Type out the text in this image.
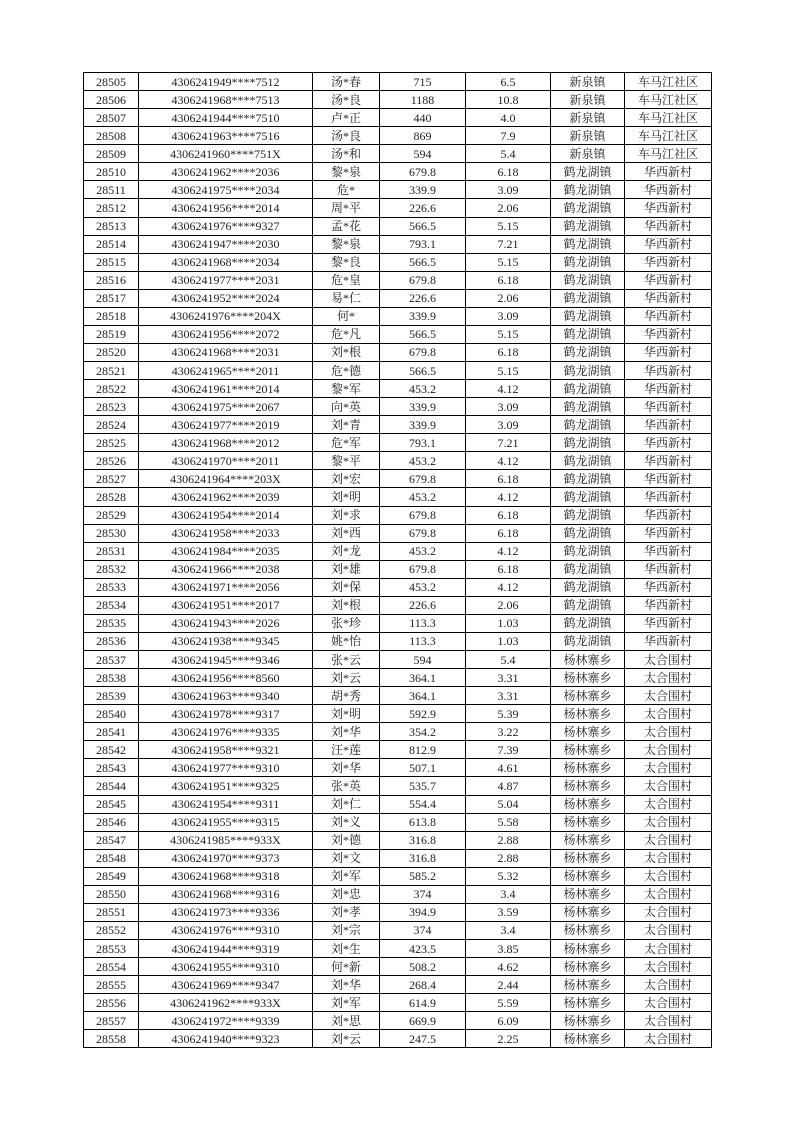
28505	4306241949****7512	汤*春	715	6.5	新泉镇	车马江社区
28506	4306241968****7513	汤*良	1188	10.8	新泉镇	车马江社区
28507	4306241944****7510	卢*正	440	4.0	新泉镇	车马江社区
28508	4306241963****7516	汤*良	869	7.9	新泉镇	车马江社区
28509	4306241960****751X	汤*和	594	5.4	新泉镇	车马江社区
28510	4306241962****2036	黎*泉	679.8	6.18	鹤龙湖镇	华西新村
28511	4306241975****2034	危*	339.9	3.09	鹤龙湖镇	华西新村
28512	4306241956****2014	周*平	226.6	2.06	鹤龙湖镇	华西新村
28513	4306241976****9327	孟*花	566.5	5.15	鹤龙湖镇	华西新村
28514	4306241947****2030	黎*泉	793.1	7.21	鹤龙湖镇	华西新村
28515	4306241968****2034	黎*良	566.5	5.15	鹤龙湖镇	华西新村
28516	4306241977****2031	危*皇	679.8	6.18	鹤龙湖镇	华西新村
28517	4306241952****2024	易*仁	226.6	2.06	鹤龙湖镇	华西新村
28518	4306241976****204X	何*	339.9	3.09	鹤龙湖镇	华西新村
28519	4306241956****2072	危*凡	566.5	5.15	鹤龙湖镇	华西新村
28520	4306241968****2031	刘*根	679.8	6.18	鹤龙湖镇	华西新村
28521	4306241965****2011	危*德	566.5	5.15	鹤龙湖镇	华西新村
28522	4306241961****2014	黎*军	453.2	4.12	鹤龙湖镇	华西新村
28523	4306241975****2067	向*英	339.9	3.09	鹤龙湖镇	华西新村
28524	4306241977****2019	刘*青	339.9	3.09	鹤龙湖镇	华西新村
28525	4306241968****2012	危*军	793.1	7.21	鹤龙湖镇	华西新村
28526	4306241970****2011	黎*平	453.2	4.12	鹤龙湖镇	华西新村
28527	4306241964****203X	刘*宏	679.8	6.18	鹤龙湖镇	华西新村
28528	4306241962****2039	刘*明	453.2	4.12	鹤龙湖镇	华西新村
28529	4306241954****2014	刘*求	679.8	6.18	鹤龙湖镇	华西新村
28530	4306241958****2033	刘*西	679.8	6.18	鹤龙湖镇	华西新村
28531	4306241984****2035	刘*龙	453.2	4.12	鹤龙湖镇	华西新村
28532	4306241966****2038	刘*雄	679.8	6.18	鹤龙湖镇	华西新村
28533	4306241971****2056	刘*保	453.2	4.12	鹤龙湖镇	华西新村
28534	4306241951****2017	刘*根	226.6	2.06	鹤龙湖镇	华西新村
28535	4306241943****2026	张*珍	113.3	1.03	鹤龙湖镇	华西新村
28536	4306241938****9345	姚*怡	113.3	1.03	鹤龙湖镇	华西新村
28537	4306241945****9346	张*云	594	5.4	杨林寨乡	太合围村
28538	4306241956****8560	刘*云	364.1	3.31	杨林寨乡	太合围村
28539	4306241963****9340	胡*秀	364.1	3.31	杨林寨乡	太合围村
28540	4306241978****9317	刘*明	592.9	5.39	杨林寨乡	太合围村
28541	4306241976****9335	刘*华	354.2	3.22	杨林寨乡	太合围村
28542	4306241958****9321	汪*莲	812.9	7.39	杨林寨乡	太合围村
28543	4306241977****9310	刘*华	507.1	4.61	杨林寨乡	太合围村
28544	4306241951****9325	张*英	535.7	4.87	杨林寨乡	太合围村
28545	4306241954****9311	刘*仁	554.4	5.04	杨林寨乡	太合围村
28546	4306241955****9315	刘*义	613.8	5.58	杨林寨乡	太合围村
28547	4306241985****933X	刘*德	316.8	2.88	杨林寨乡	太合围村
28548	4306241970****9373	刘*文	316.8	2.88	杨林寨乡	太合围村
28549	4306241968****9318	刘*军	585.2	5.32	杨林寨乡	太合围村
28550	4306241968****9316	刘*忠	374	3.4	杨林寨乡	太合围村
28551	4306241973****9336	刘*孝	394.9	3.59	杨林寨乡	太合围村
28552	4306241976****9310	刘*宗	374	3.4	杨林寨乡	太合围村
28553	4306241944****9319	刘*生	423.5	3.85	杨林寨乡	太合围村
28554	4306241955****9310	何*新	508.2	4.62	杨林寨乡	太合围村
28555	4306241969****9347	刘*华	268.4	2.44	杨林寨乡	太合围村
28556	4306241962****933X	刘*军	614.9	5.59	杨林寨乡	太合围村
28557	4306241972****9339	刘*思	669.9	6.09	杨林寨乡	太合围村
28558	4306241940****9323	刘*云	247.5	2.25	杨林寨乡	太合围村
